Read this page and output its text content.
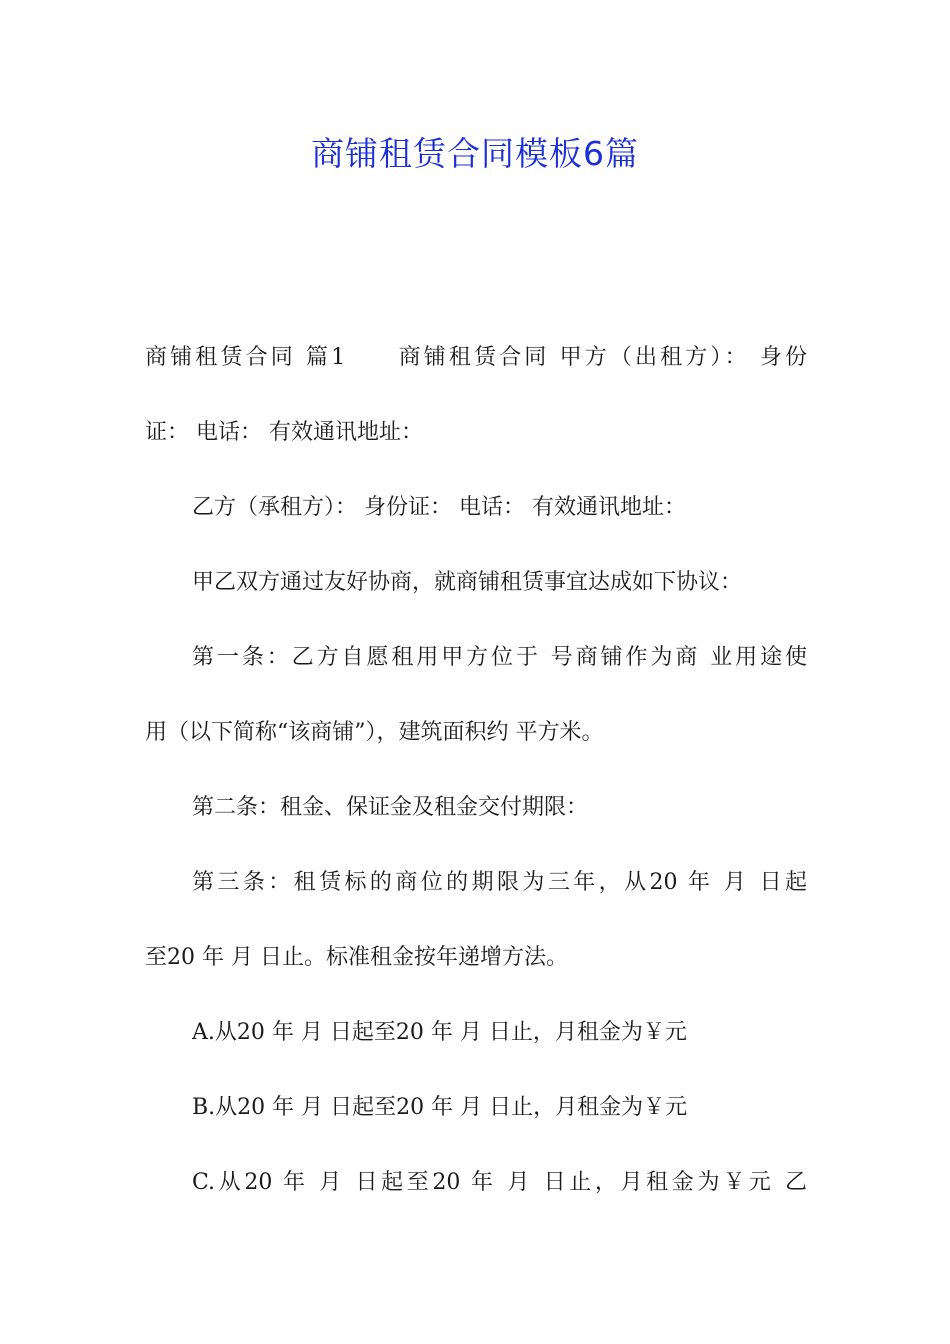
商铺租赁合同模板6篇
商铺租赁合同 篇1　　商铺租赁合同 甲方（出租方）： 身份
证： 电话： 有效通讯地址：
乙方（承租方）： 身份证： 电话： 有效通讯地址：
甲乙双方通过友好协商，就商铺租赁事宜达成如下协议：
第一条：乙方自愿租用甲方位于 号商铺作为商 业用途使
用（以下简称“该商铺”），建筑面积约 平方米。
第二条：租金、保证金及租金交付期限：
第三条：租赁标的商位的期限为三年，从20 年 月 日起
至20 年 月 日止。标准租金按年递增方法。
A.从20 年 月 日起至20 年 月 日止，月租金为￥元
B.从20 年 月 日起至20 年 月 日止，月租金为￥元
C.从20 年 月 日起至20 年 月 日止，月租金为￥元 乙
